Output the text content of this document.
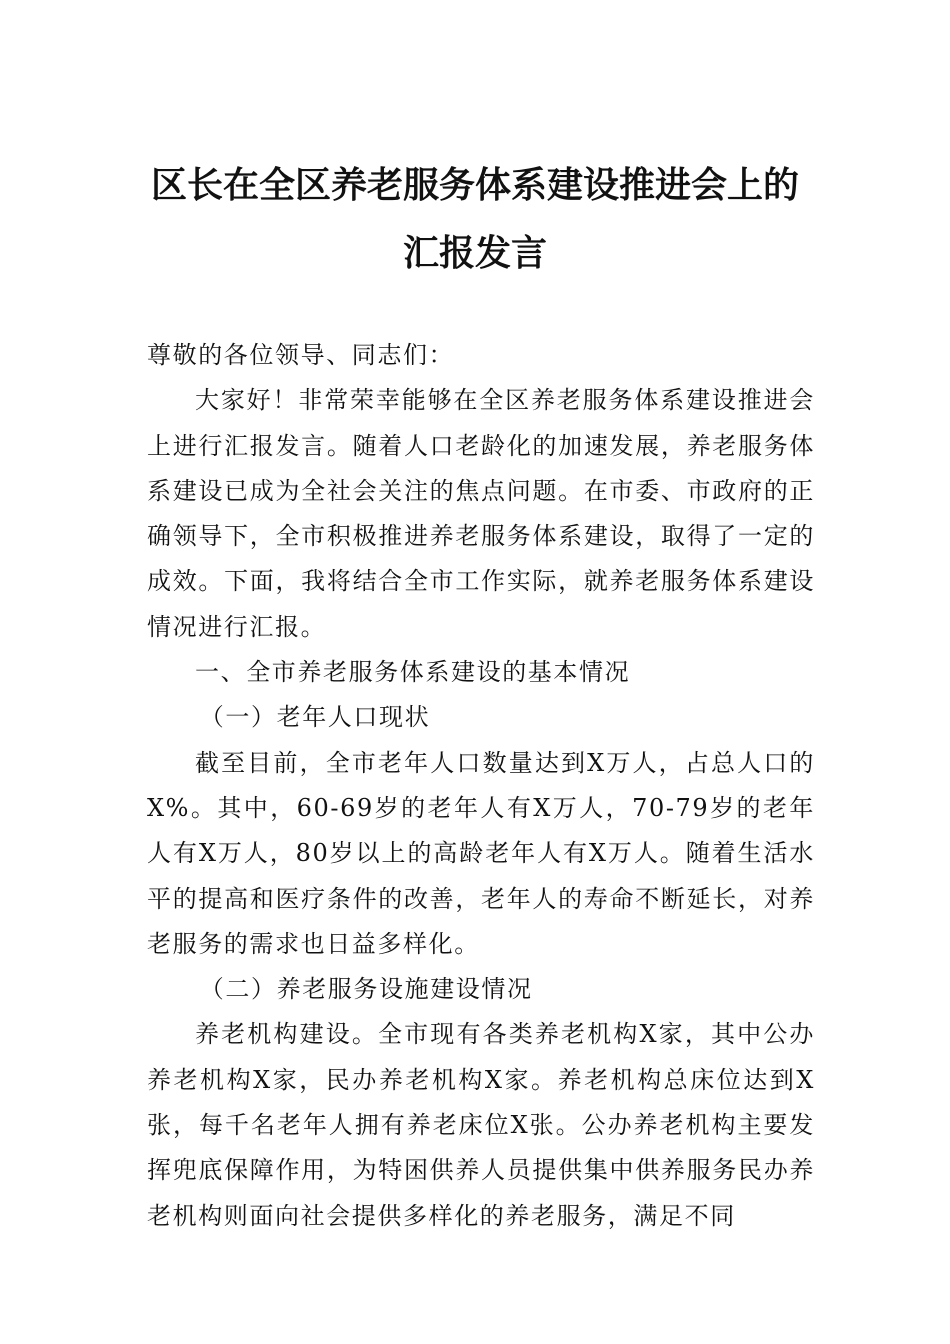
区长在全区养老服务体系建设推进会上的
汇报发言

尊敬的各位领导、同志们：

大家好！非常荣幸能够在全区养老服务体系建设推进会上进行汇报发言。随着人口老龄化的加速发展，养老服务体系建设已成为全社会关注的焦点问题。在市委、市政府的正确领导下，全市积极推进养老服务体系建设，取得了一定的成效。下面，我将结合全市工作实际，就养老服务体系建设情况进行汇报。

一、全市养老服务体系建设的基本情况

（一）老年人口现状

截至目前，全市老年人口数量达到X万人，占总人口的 X%。其中，60-69岁的老年人有X万人，70-79岁的老年人有X万人，80岁以上的高龄老年人有X万人。随着生活水平的提高和医疗条件的改善，老年人的寿命不断延长，对养老服务的需求也日益多样化。

（二）养老服务设施建设情况

养老机构建设。全市现有各类养老机构X家，其中公办养老机构X家，民办养老机构X家。养老机构总床位达到X张，每千名老年人拥有养老床位X张。公办养老机构主要发挥兜底保障作用，为特困供养人员提供集中供养服务民办养老机构则面向社会提供多样化的养老服务，满足不同
